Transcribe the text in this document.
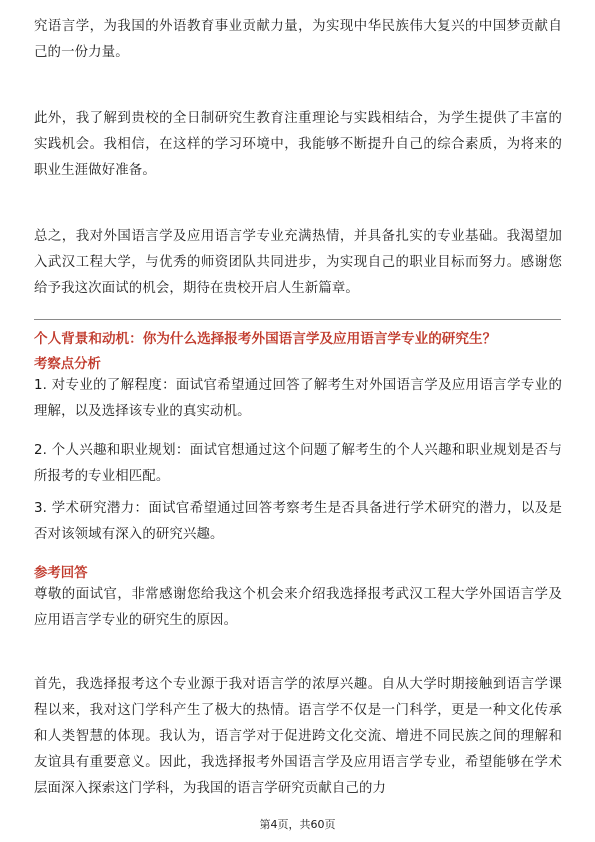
究语言学，为我国的外语教育事业贡献力量，为实现中华民族伟大复兴的中国梦贡献自己的一份力量。

此外，我了解到贵校的全日制研究生教育注重理论与实践相结合，为学生提供了丰富的实践机会。我相信，在这样的学习环境中，我能够不断提升自己的综合素质，为将来的职业生涯做好准备。

总之，我对外国语言学及应用语言学专业充满热情，并具备扎实的专业基础。我渴望加入武汉工程大学，与优秀的师资团队共同进步，为实现自己的职业目标而努力。感谢您给予我这次面试的机会，期待在贵校开启人生新篇章。

个人背景和动机：你为什么选择报考外国语言学及应用语言学专业的研究生？

考察点分析

1. 对专业的了解程度：面试官希望通过回答了解考生对外国语言学及应用语言学专业的理解，以及选择该专业的真实动机。

2. 个人兴趣和职业规划：面试官想通过这个问题了解考生的个人兴趣和职业规划是否与所报考的专业相匹配。

3. 学术研究潜力：面试官希望通过回答考察考生是否具备进行学术研究的潜力，以及是否对该领域有深入的研究兴趣。

参考回答

尊敬的面试官，非常感谢您给我这个机会来介绍我选择报考武汉工程大学外国语言学及应用语言学专业的研究生的原因。

首先，我选择报考这个专业源于我对语言学的浓厚兴趣。自从大学时期接触到语言学课程以来，我对这门学科产生了极大的热情。语言学不仅是一门科学，更是一种文化传承和人类智慧的体现。我认为，语言学对于促进跨文化交流、增进不同民族之间的理解和友谊具有重要意义。因此，我选择报考外国语言学及应用语言学专业，希望能够在学术层面深入探索这门学科，为我国的语言学研究贡献自己的力

第4页，共60页
